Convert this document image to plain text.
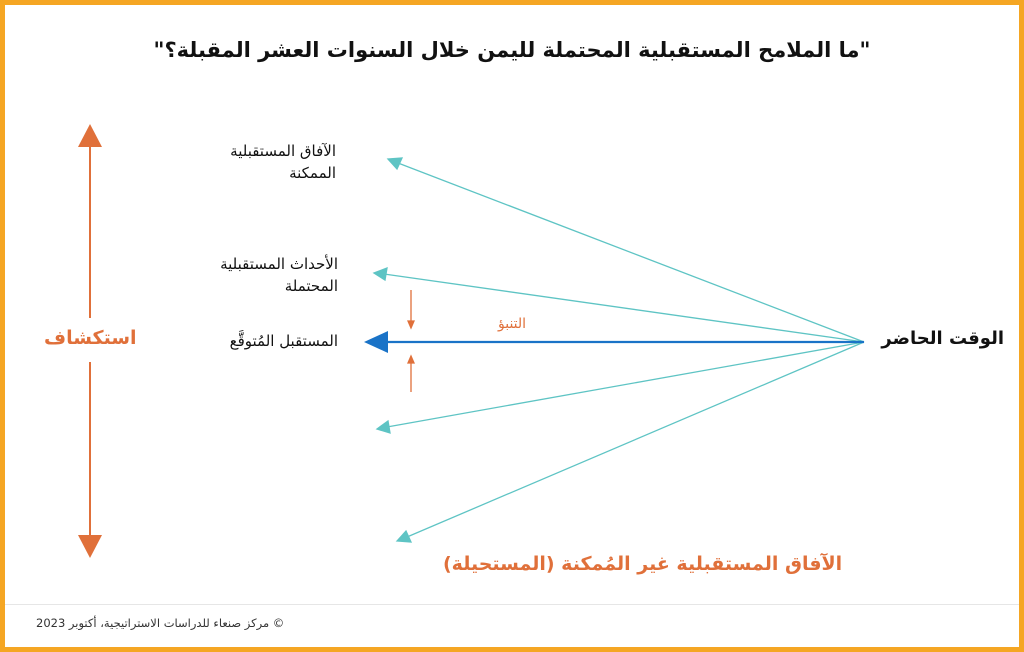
"ما الملامح المستقبلية المحتملة لليمن خلال السنوات العشر المقبلة؟"
الآفاق المستقبلية
الممكنة
الأحداث المستقبلية
المحتملة
المستقبل المُتوقَّع	الوقت الحاضر
التنبؤ
استكشاف
الآفاق المستقبلية غير المُمكنة (المستحيلة)
© مركز صنعاء للدراسات الاستراتيجية، أكتوبر 2023
